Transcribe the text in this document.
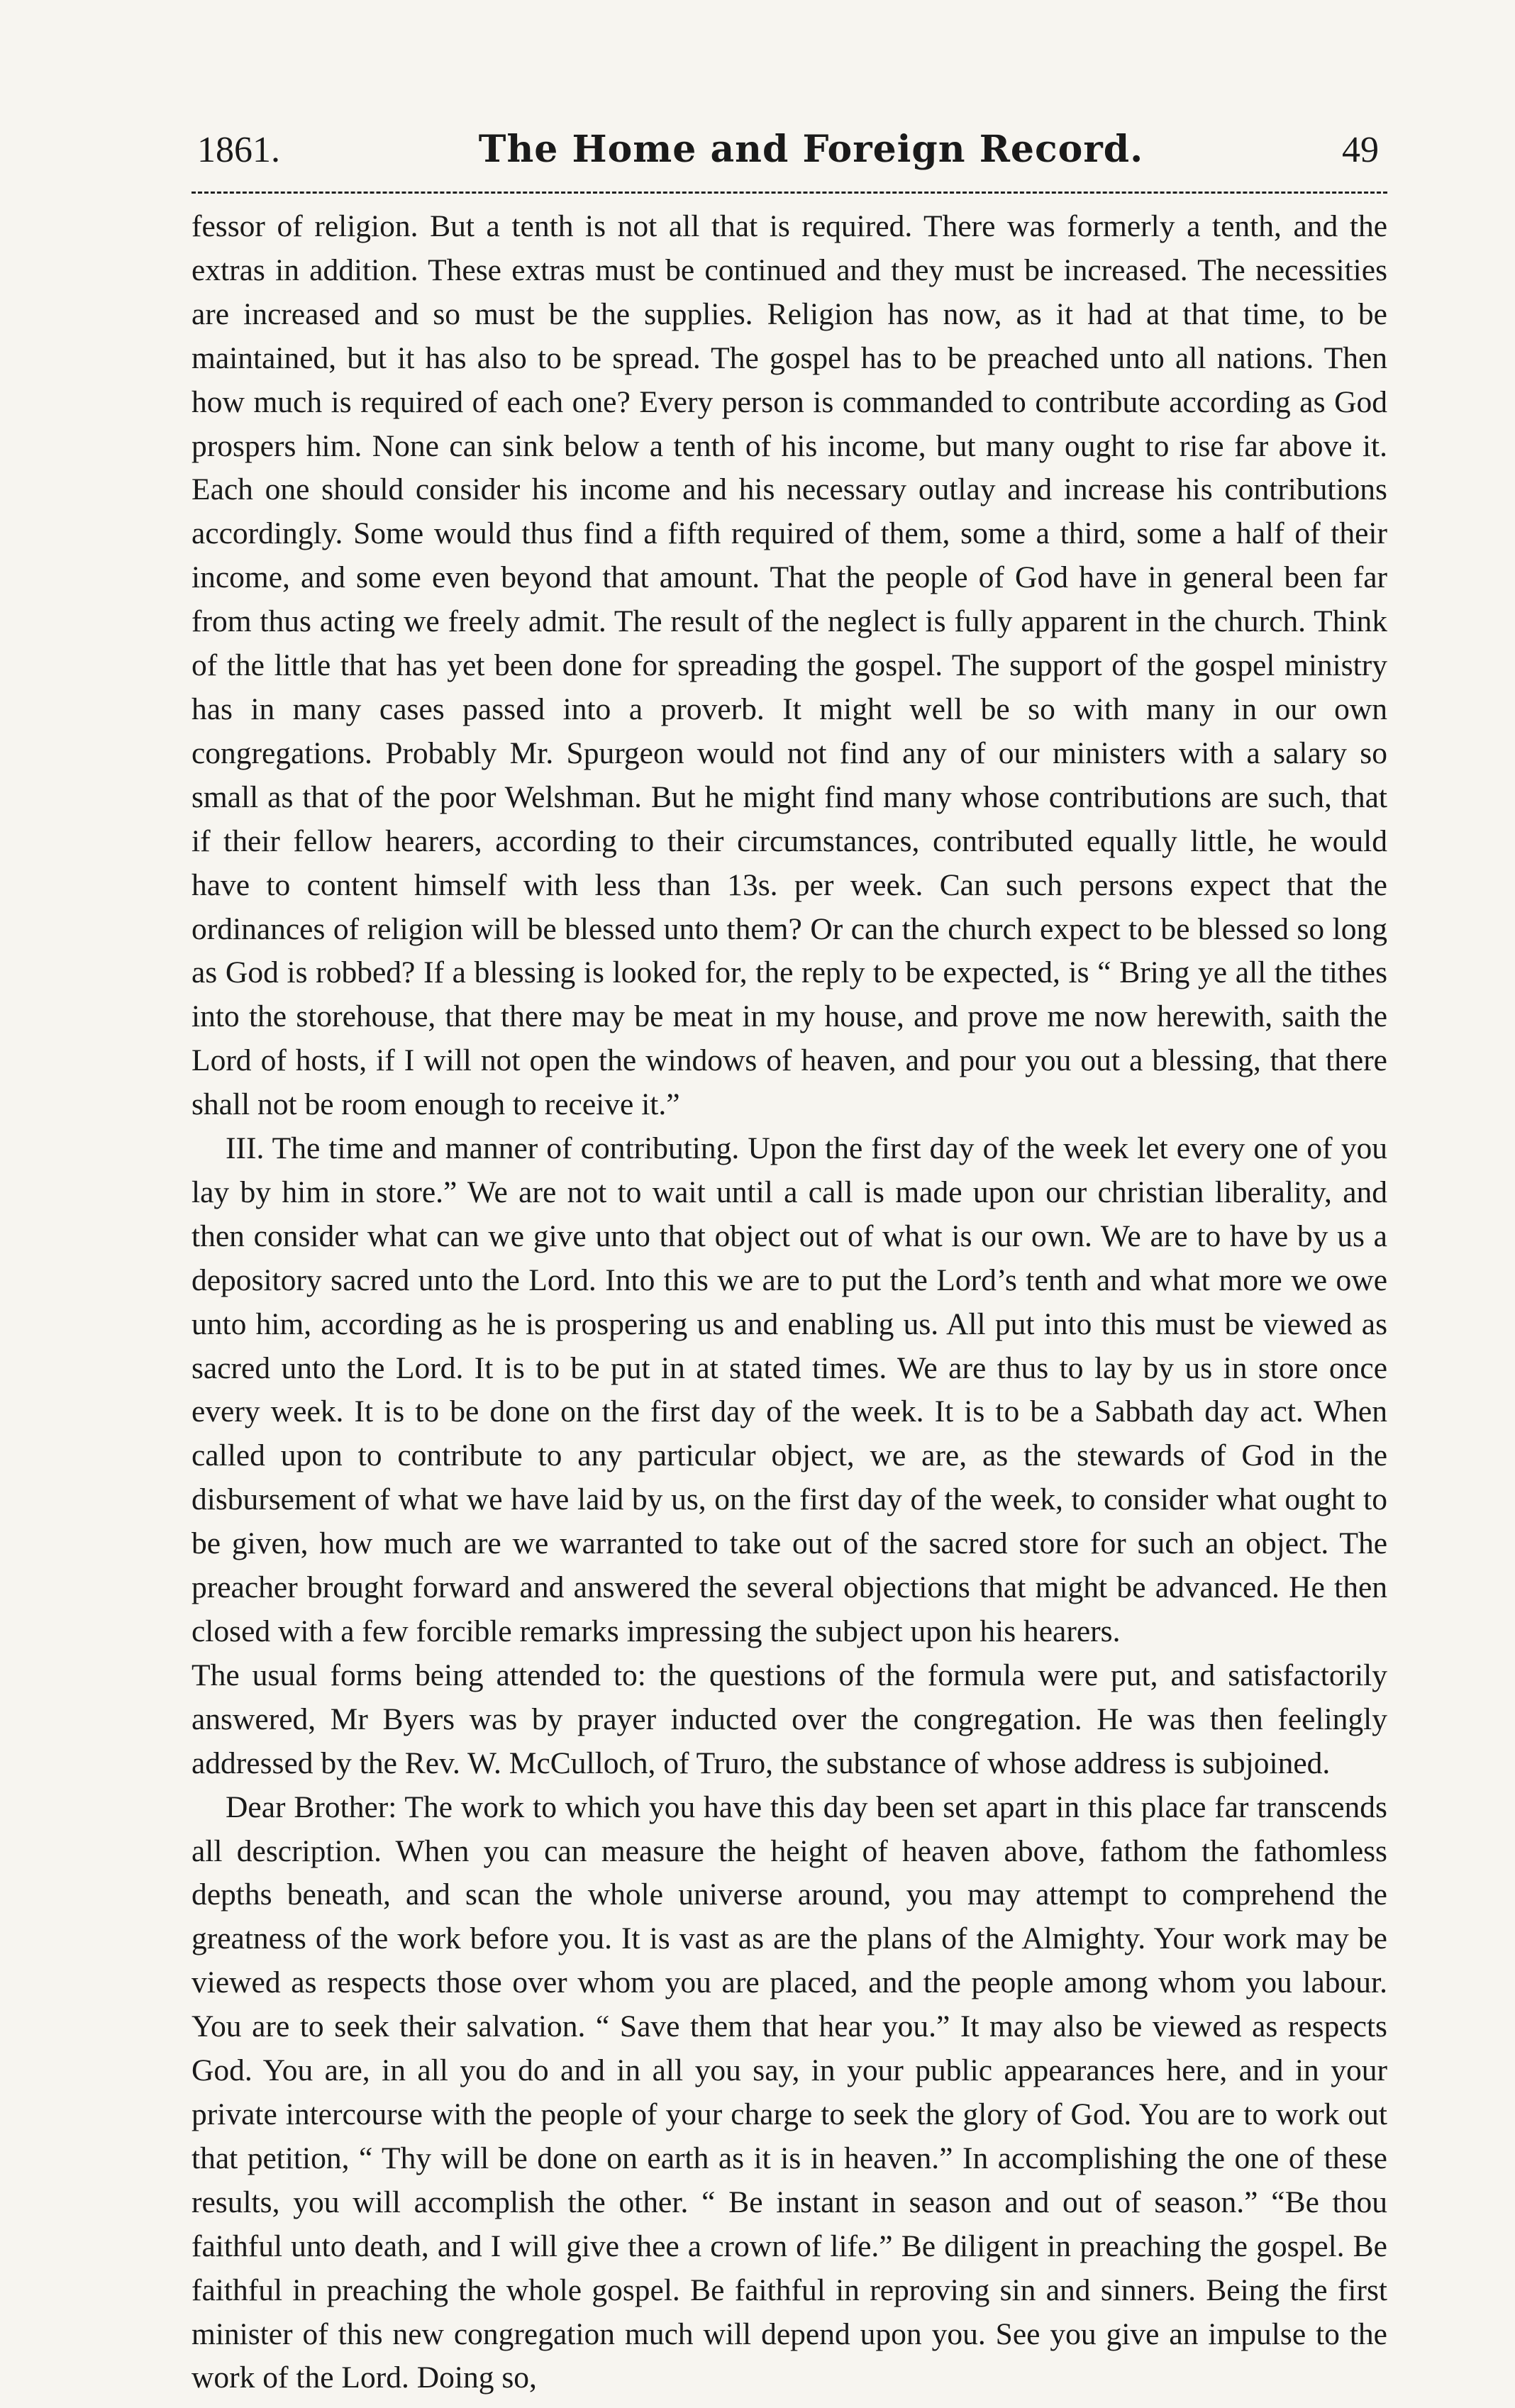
1861.	The Home and Foreign Record.	49

fessor of religion. But a tenth is not all that is required. There was formerly a tenth, and the extras in addition. These extras must be continued and they must be increased. The necessities are increased and so must be the supplies. Religion has now, as it had at that time, to be maintained, but it has also to be spread. The gospel has to be preached unto all nations. Then how much is required of each one? Every person is commanded to contribute according as God prospers him. None can sink below a tenth of his income, but many ought to rise far above it. Each one should consider his income and his necessary outlay and increase his contributions accordingly. Some would thus find a fifth required of them, some a third, some a half of their income, and some even beyond that amount. That the people of God have in general been far from thus acting we freely admit. The result of the neglect is fully apparent in the church. Think of the little that has yet been done for spreading the gospel. The support of the gospel ministry has in many cases passed into a proverb. It might well be so with many in our own congregations. Probably Mr. Spurgeon would not find any of our ministers with a salary so small as that of the poor Welshman. But he might find many whose contributions are such, that if their fellow hearers, according to their circumstances, contributed equally little, he would have to content himself with less than 13s. per week. Can such persons expect that the ordinances of religion will be blessed unto them? Or can the church expect to be blessed so long as God is robbed? If a blessing is looked for, the reply to be expected, is “ Bring ye all the tithes into the storehouse, that there may be meat in my house, and prove me now herewith, saith the Lord of hosts, if I will not open the windows of heaven, and pour you out a blessing, that there shall not be room enough to receive it.”

III. The time and manner of contributing. Upon the first day of the week let every one of you lay by him in store.” We are not to wait until a call is made upon our christian liberality, and then consider what can we give unto that object out of what is our own. We are to have by us a depository sacred unto the Lord. Into this we are to put the Lord’s tenth and what more we owe unto him, according as he is prospering us and enabling us. All put into this must be viewed as sacred unto the Lord. It is to be put in at stated times. We are thus to lay by us in store once every week. It is to be done on the first day of the week. It is to be a Sabbath day act. When called upon to contribute to any particular object, we are, as the stewards of God in the disbursement of what we have laid by us, on the first day of the week, to consider what ought to be given, how much are we warranted to take out of the sacred store for such an object. The preacher brought forward and answered the several objections that might be advanced. He then closed with a few forcible remarks impressing the subject upon his hearers.

The usual forms being attended to: the questions of the formula were put, and satisfactorily answered, Mr Byers was by prayer inducted over the congregation. He was then feelingly addressed by the Rev. W. McCulloch, of Truro, the substance of whose address is subjoined.

Dear Brother: The work to which you have this day been set apart in this place far transcends all description. When you can measure the height of heaven above, fathom the fathomless depths beneath, and scan the whole universe around, you may attempt to comprehend the greatness of the work before you. It is vast as are the plans of the Almighty. Your work may be viewed as respects those over whom you are placed, and the people among whom you labour. You are to seek their salvation. “ Save them that hear you.” It may also be viewed as respects God. You are, in all you do and in all you say, in your public appearances here, and in your private intercourse with the people of your charge to seek the glory of God. You are to work out that petition, “ Thy will be done on earth as it is in heaven.” In accomplishing the one of these results, you will accomplish the other. “ Be instant in season and out of season.” “Be thou faithful unto death, and I will give thee a crown of life.” Be diligent in preaching the gospel. Be faithful in preaching the whole gospel. Be faithful in reproving sin and sinners. Being the first minister of this new congregation much will depend upon you. See you give an impulse to the work of the Lord. Doing so,
